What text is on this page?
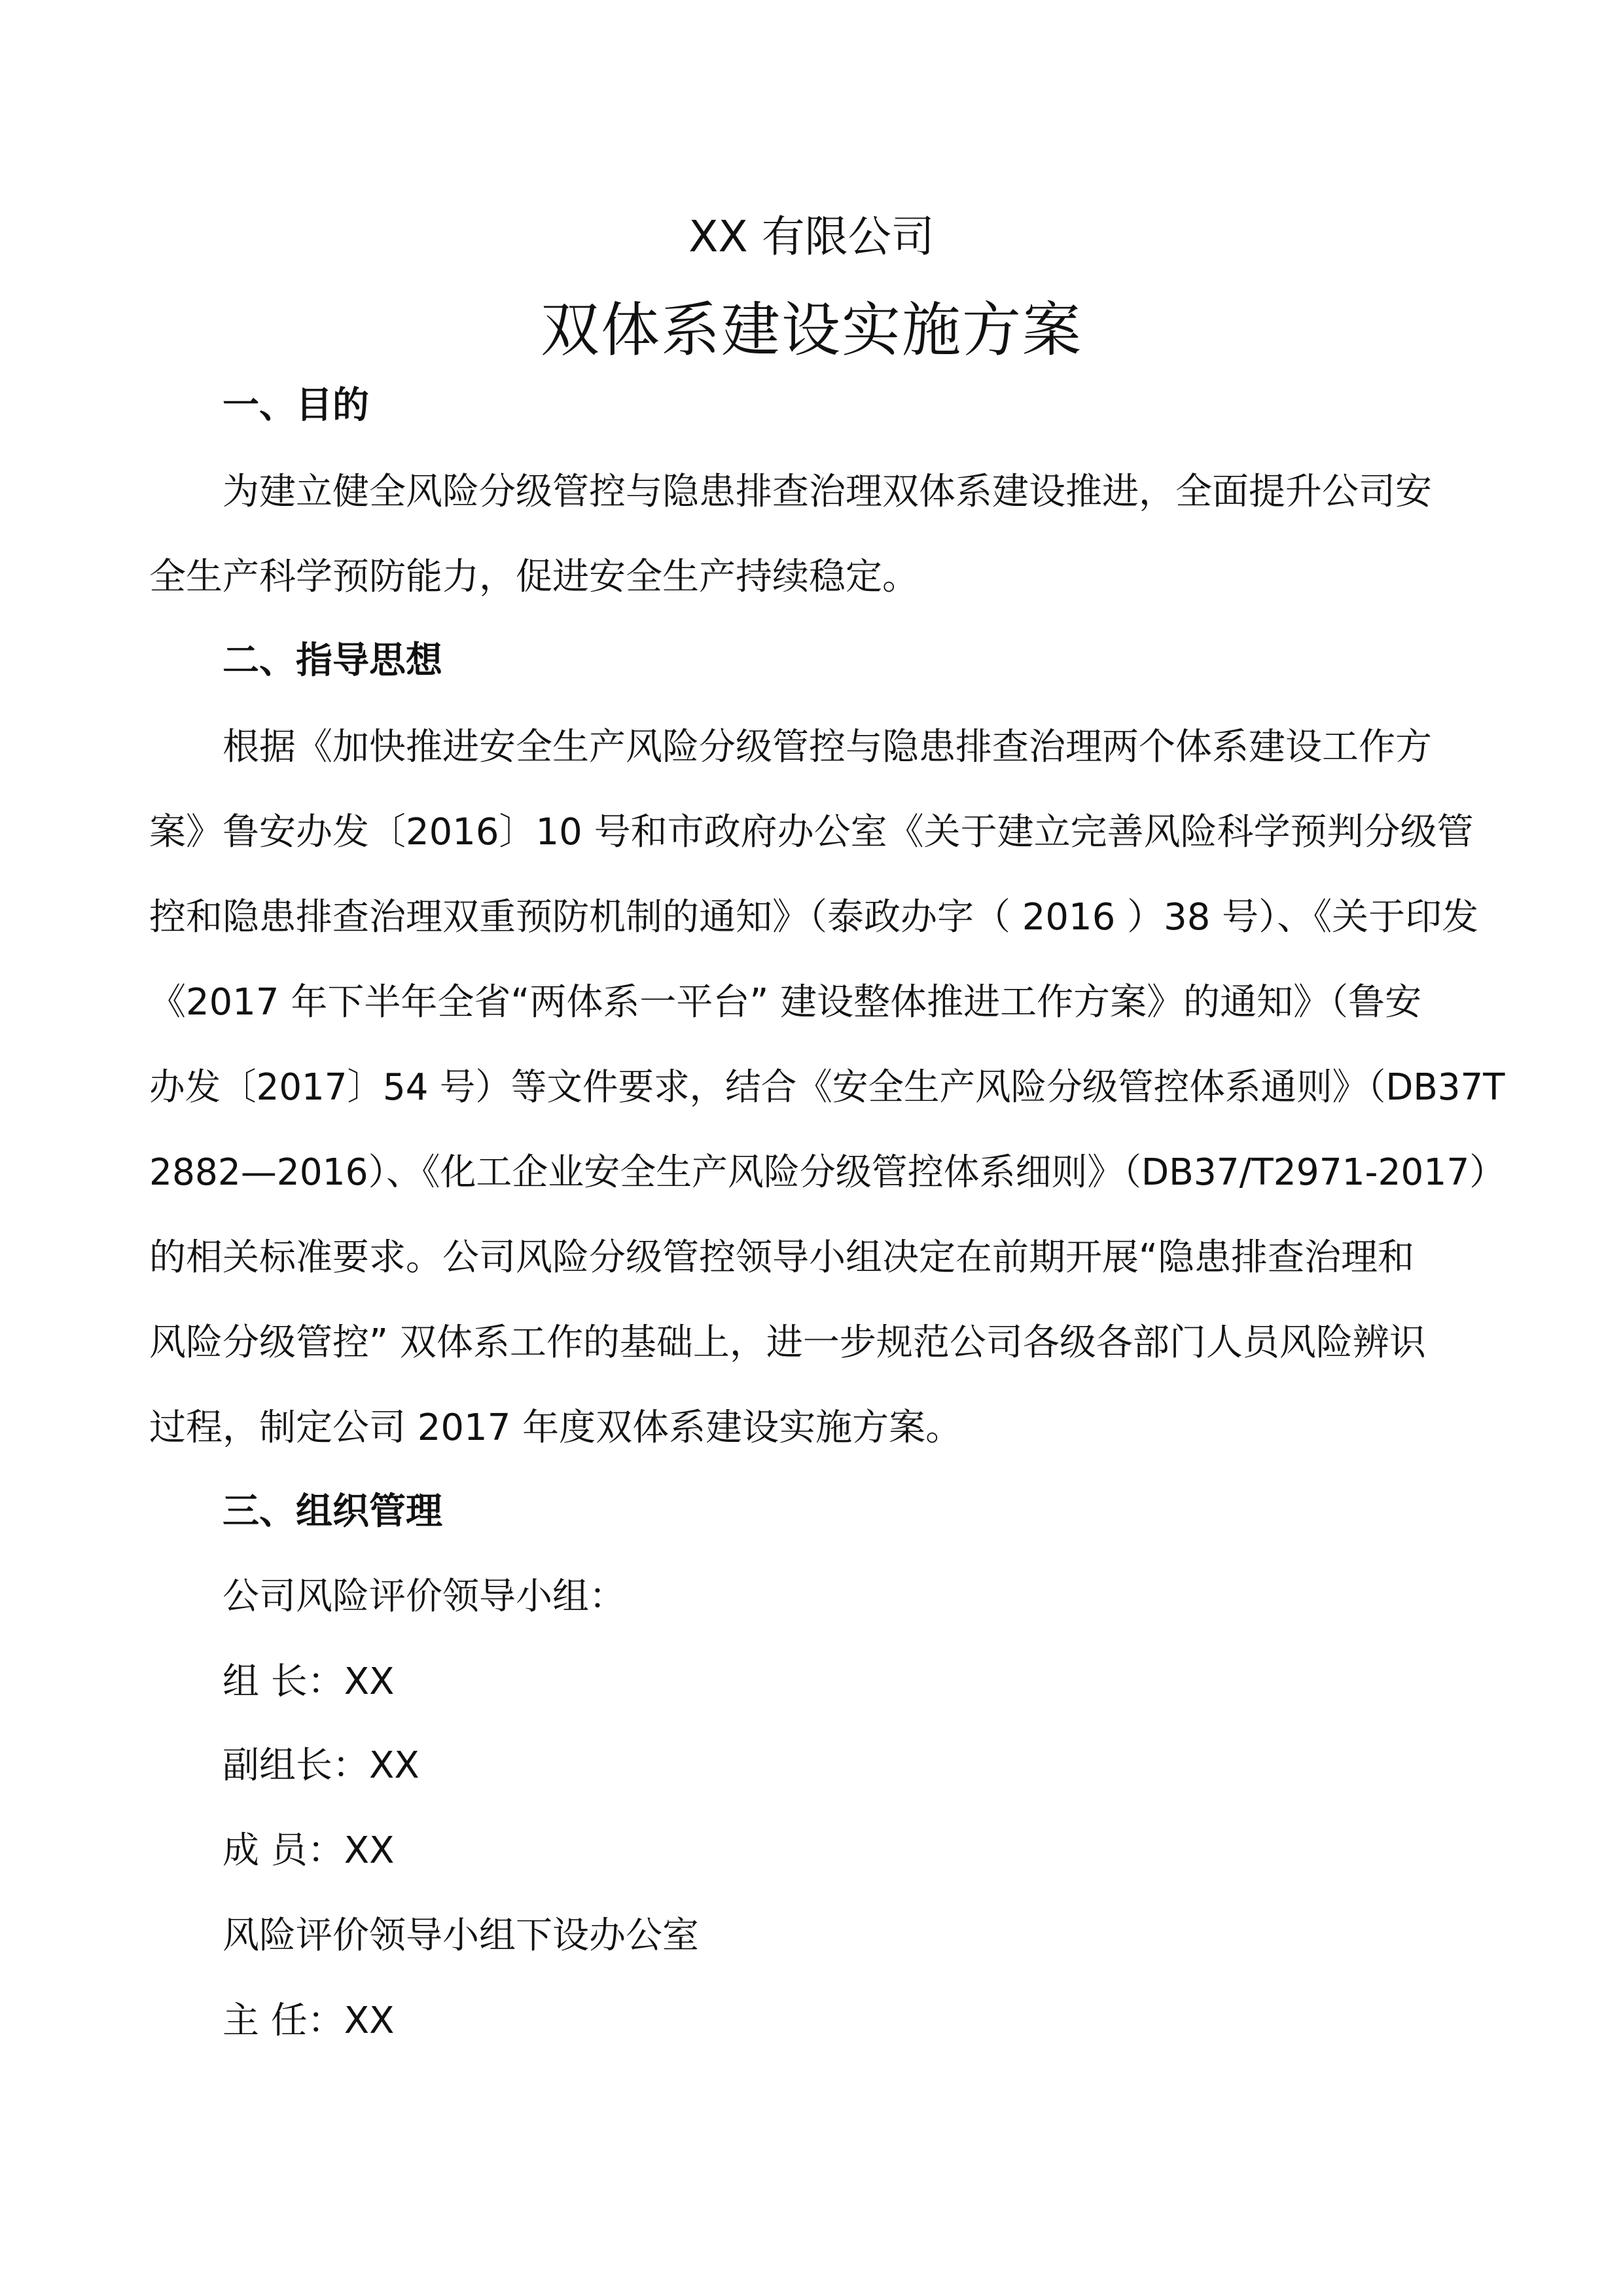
XX 有限公司
双体系建设实施方案
一、目的

为建立健全风险分级管控与隐患排查治理双体系建设推进，全面提升公司安

全生产科学预防能力，促进安全生产持续稳定。

二、指导思想

根据《加快推进安全生产风险分级管控与隐患排查治理两个体系建设工作方

案》鲁安办发〔2016〕10 号和市政府办公室《关于建立完善风险科学预判分级管

控和隐患排查治理双重预防机制的通知》（泰政办字（ 2016 ）38 号）、《关于印发

《2017 年下半年全省“两体系一平台” 建设整体推进工作方案》的通知》（鲁安

办发〔2017〕54 号）等文件要求，结合《安全生产风险分级管控体系通则》（DB37T

2882—2016）、《化工企业安全生产风险分级管控体系细则》（DB37/T2971-2017）

的相关标准要求。公司风险分级管控领导小组决定在前期开展“隐患排查治理和

风险分级管控” 双体系工作的基础上，进一步规范公司各级各部门人员风险辨识

过程，制定公司 2017 年度双体系建设实施方案。

三、组织管理

公司风险评价领导小组：

组 长：XX

副组长：XX

成 员：XX

风险评价领导小组下设办公室

主 任：XX
